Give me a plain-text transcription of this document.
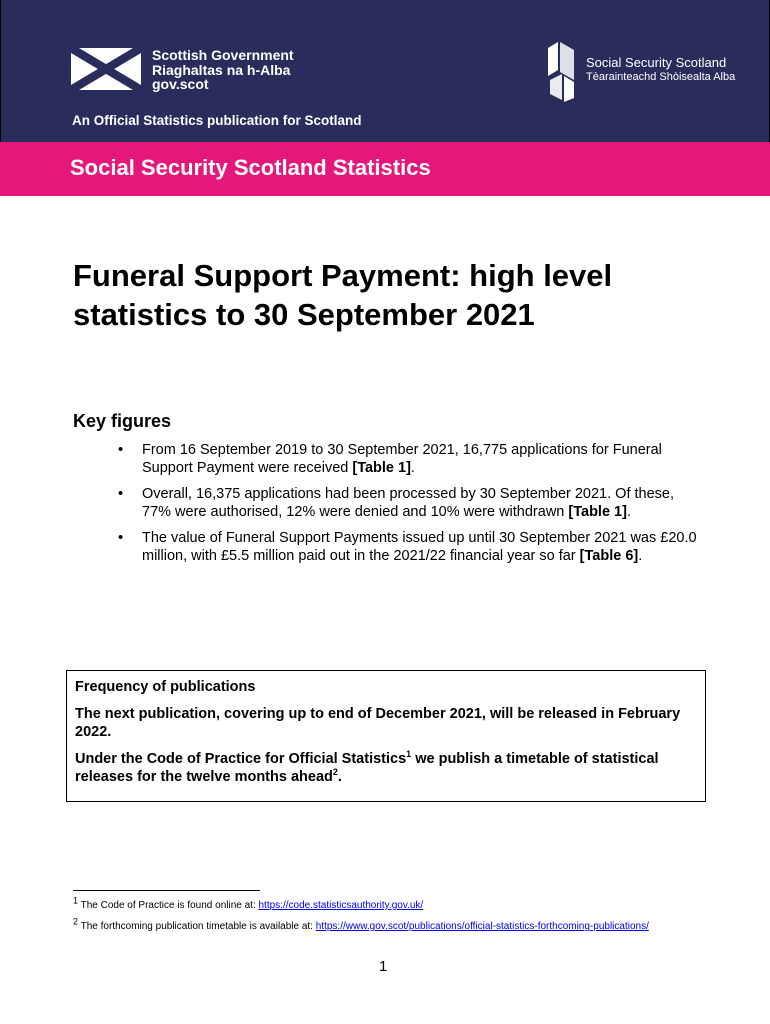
Scottish Government
Riaghaltas na h-Alba
gov.scot
Social Security Scotland
Tèarainteachd Shòisealta Alba
An Official Statistics publication for Scotland
Social Security Scotland Statistics
Funeral Support Payment: high level statistics to 30 September 2021
Key figures
• From 16 September 2019 to 30 September 2021, 16,775 applications for Funeral Support Payment were received [Table 1].
• Overall, 16,375 applications had been processed by 30 September 2021. Of these, 77% were authorised, 12% were denied and 10% were withdrawn [Table 1].
• The value of Funeral Support Payments issued up until 30 September 2021 was £20.0 million, with £5.5 million paid out in the 2021/22 financial year so far [Table 6].

Frequency of publications

The next publication, covering up to end of December 2021, will be released in February 2022.

Under the Code of Practice for Official Statistics$^1$ we publish a timetable of statistical releases for the twelve months ahead$^2$.

$^1$ The Code of Practice is found online at: https://code.statisticsauthority.gov.uk/
$^2$ The forthcoming publication timetable is available at: https://www.gov.scot/publications/official-statistics-forthcoming-publications/
1
